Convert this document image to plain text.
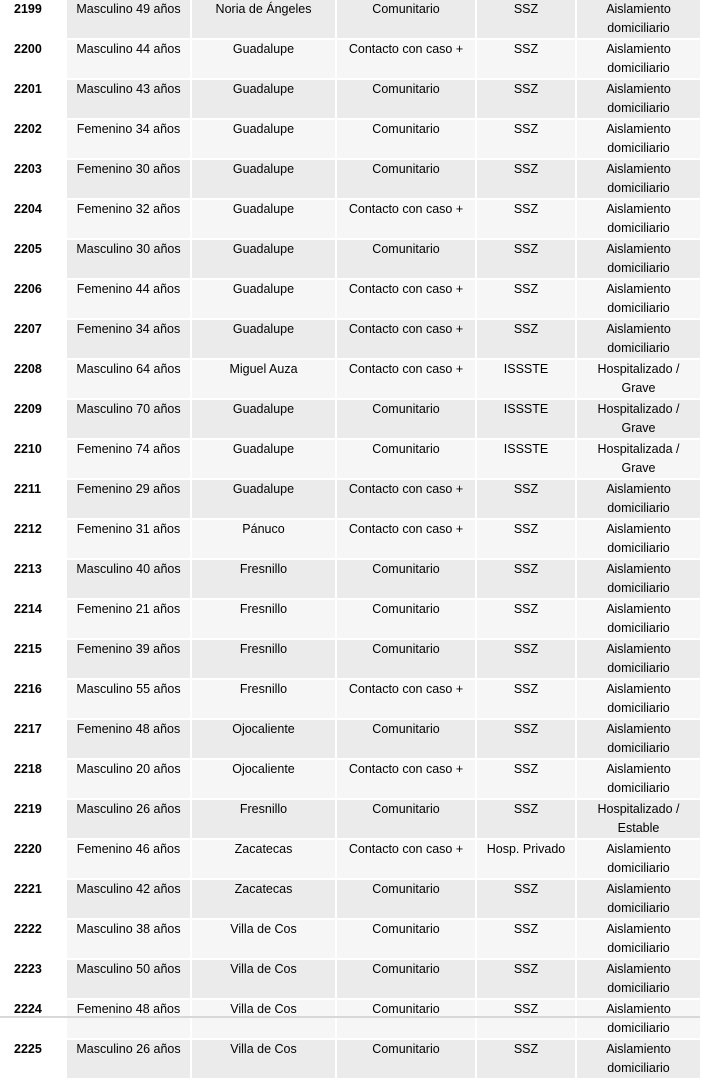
2199	Masculino 49 años	Noria de Ángeles	Comunitario	SSZ	Aislamiento domiciliario
2200	Masculino 44 años	Guadalupe	Contacto con caso +	SSZ	Aislamiento domiciliario
2201	Masculino 43 años	Guadalupe	Comunitario	SSZ	Aislamiento domiciliario
2202	Femenino 34 años	Guadalupe	Comunitario	SSZ	Aislamiento domiciliario
2203	Femenino 30 años	Guadalupe	Comunitario	SSZ	Aislamiento domiciliario
2204	Femenino 32 años	Guadalupe	Contacto con caso +	SSZ	Aislamiento domiciliario
2205	Masculino 30 años	Guadalupe	Comunitario	SSZ	Aislamiento domiciliario
2206	Femenino 44 años	Guadalupe	Contacto con caso +	SSZ	Aislamiento domiciliario
2207	Femenino 34 años	Guadalupe	Contacto con caso +	SSZ	Aislamiento domiciliario
2208	Masculino 64 años	Miguel Auza	Contacto con caso +	ISSSTE	Hospitalizado / Grave
2209	Masculino 70 años	Guadalupe	Comunitario	ISSSTE	Hospitalizado / Grave
2210	Femenino 74 años	Guadalupe	Comunitario	ISSSTE	Hospitalizada / Grave
2211	Femenino 29 años	Guadalupe	Contacto con caso +	SSZ	Aislamiento domiciliario
2212	Femenino 31 años	Pánuco	Contacto con caso +	SSZ	Aislamiento domiciliario
2213	Masculino 40 años	Fresnillo	Comunitario	SSZ	Aislamiento domiciliario
2214	Femenino 21 años	Fresnillo	Comunitario	SSZ	Aislamiento domiciliario
2215	Femenino 39 años	Fresnillo	Comunitario	SSZ	Aislamiento domiciliario
2216	Masculino 55 años	Fresnillo	Contacto con caso +	SSZ	Aislamiento domiciliario
2217	Femenino 48 años	Ojocaliente	Comunitario	SSZ	Aislamiento domiciliario
2218	Masculino 20 años	Ojocaliente	Contacto con caso +	SSZ	Aislamiento domiciliario
2219	Masculino 26 años	Fresnillo	Comunitario	SSZ	Hospitalizado / Estable
2220	Femenino 46 años	Zacatecas	Contacto con caso +	Hosp. Privado	Aislamiento domiciliario
2221	Masculino 42 años	Zacatecas	Comunitario	SSZ	Aislamiento domiciliario
2222	Masculino 38 años	Villa de Cos	Comunitario	SSZ	Aislamiento domiciliario
2223	Masculino 50 años	Villa de Cos	Comunitario	SSZ	Aislamiento domiciliario
2224	Femenino 48 años	Villa de Cos	Comunitario	SSZ	Aislamiento domiciliario
2225	Masculino 26 años	Villa de Cos	Comunitario	SSZ	Aislamiento domiciliario
